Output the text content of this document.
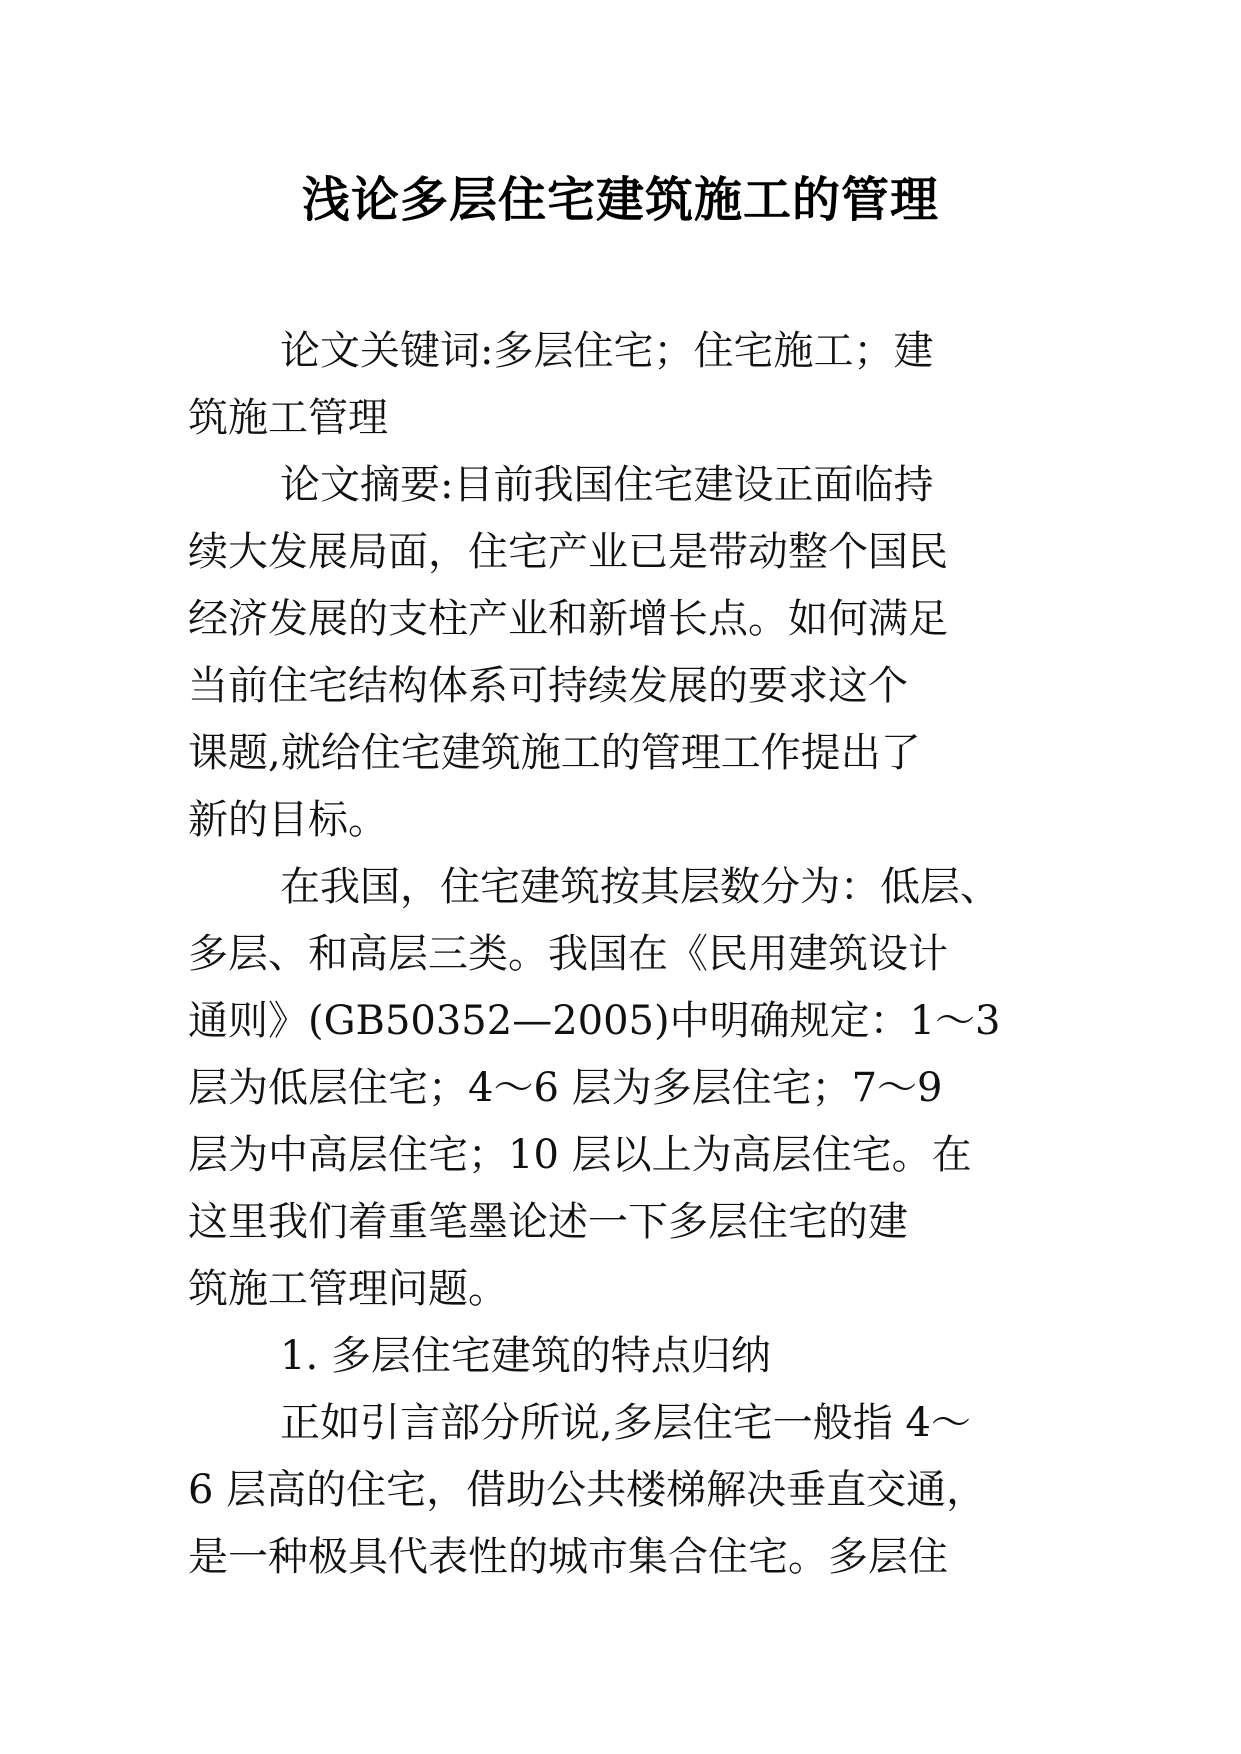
浅论多层住宅建筑施工的管理
论文关键词:多层住宅；住宅施工；建
筑施工管理
论文摘要:目前我国住宅建设正面临持
续大发展局面，住宅产业已是带动整个国民
经济发展的支柱产业和新增长点。如何满足
当前住宅结构体系可持续发展的要求这个
课题,就给住宅建筑施工的管理工作提出了
新的目标。
在我国，住宅建筑按其层数分为：低层、
多层、和高层三类。我国在《民用建筑设计
通则》(GB50352—2005)中明确规定：1～3
层为低层住宅；4～6 层为多层住宅；7～9
层为中高层住宅；10 层以上为高层住宅。在
这里我们着重笔墨论述一下多层住宅的建
筑施工管理问题。
1. 多层住宅建筑的特点归纳
正如引言部分所说,多层住宅一般指 4～
6 层高的住宅，借助公共楼梯解决垂直交通，
是一种极具代表性的城市集合住宅。多层住
